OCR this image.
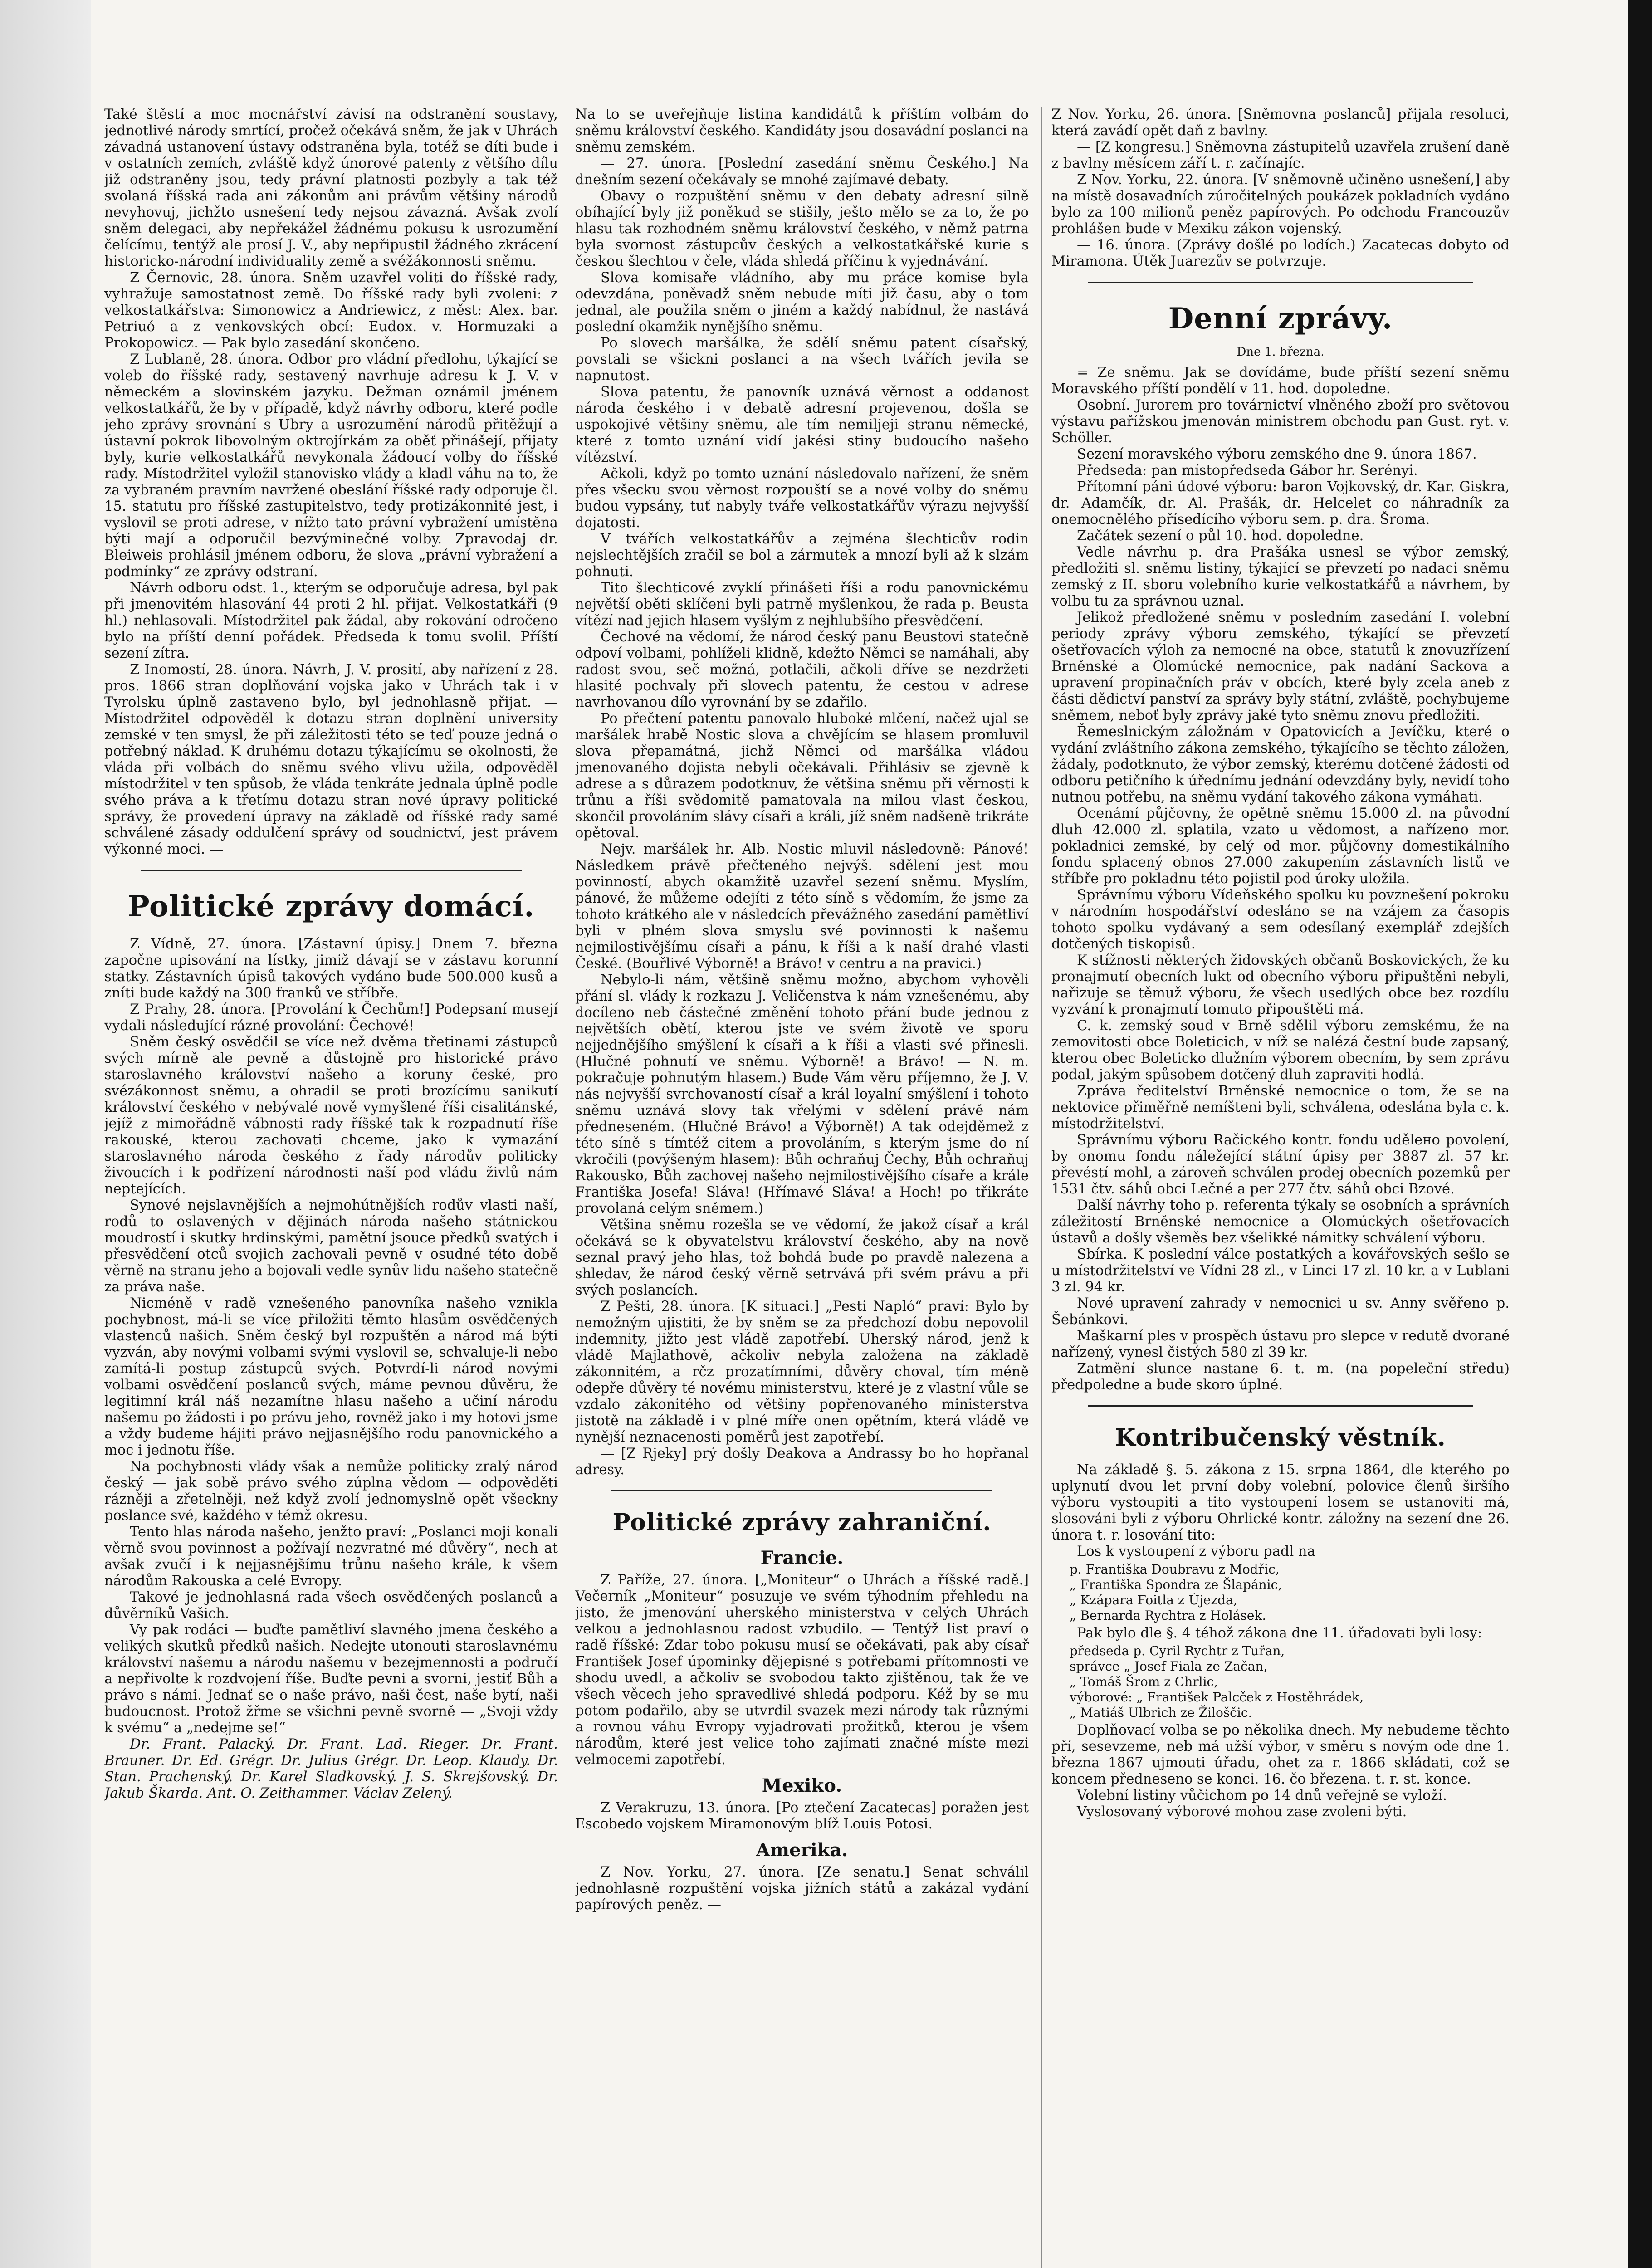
Také štěstí a moc mocnářství závisí na odstranění soustavy, jednotlivé národy smrtící, pročež očekává sněm, že jak v Uhrách závadná ustanovení ústavy odstraněna byla, totéž se díti bude i v ostatních zemích, zvláště když únorové patenty z většího dílu již odstraněny jsou, tedy právní platnosti pozbyly a tak též svolaná říšská rada ani zákonům ani právům většiny národů nevyhovuj, jichžto usnešení tedy nejsou závazná. Avšak zvolí sněm delegaci, aby nepřekážel žádnému pokusu k usrozumění čelícímu, tentýž ale prosí J. V., aby nepřipustil žádného zkrácení historicko-národní individuality země a svéžákonnosti sněmu.

Z Černovic, 28. února. Sněm uzavřel voliti do říšské rady, vyhražuje samostatnost země. Do říšské rady byli zvoleni: z velkostatkářstva: Simonowicz a Andriewicz, z měst: Alex. bar. Petriuó a z venkovských obcí: Eudox. v. Hormuzaki a Prokopowicz. — Pak bylo zasedání skončeno.

Z Lublaně, 28. února. Odbor pro vládní předlohu, týkající se voleb do říšské rady, sestavený navrhuje adresu k J. V. v německém a slovinském jazyku. Dežman oznámil jménem velkostatkářů, že by v případě, když návrhy odboru, které podle jeho zprávy srovnání s Ubry a usrozumění národů přitěžují a ústavní pokrok libovolným oktrojírkám za oběť přinášejí, přijaty byly, kurie velkostatkářů nevykonala žádoucí volby do říšské rady. Místodržitel vyložil stanovisko vlády a kladl váhu na to, že za vybraném pravním navržené obeslání říšské rady odporuje čl. 15. statutu pro říšské zastupitelstvo, tedy protizákonnité jest, i vyslovil se proti adrese, v nížto tato právní vybražení umístěna býti mají a odporučil bezvýminečné volby. Zpravodaj dr. Bleiweis prohlásil jménem odboru, že slova „právní vybražení a podmínky“ ze zprávy odstraní.

Návrh odboru odst. 1., kterým se odporučuje adresa, byl pak při jmenovitém hlasování 44 proti 2 hl. přijat. Velkostatkáři (9 hl.) nehlasovali. Místodržitel pak žádal, aby rokování odročeno bylo na příští denní pořádek. Předseda k tomu svolil. Příští sezení zítra.

Z Inomostí, 28. února. Návrh, J. V. prosití, aby nařízení z 28. pros. 1866 stran doplňování vojska jako v Uhrách tak i v Tyrolsku úplně zastaveno bylo, byl jednohlasně přijat. — Místodržitel odpověděl k dotazu stran doplnění university zemské v ten smysl, že při záležitosti této se teď pouze jedná o potřebný náklad. K druhému dotazu týkajícímu se okolnosti, že vláda při volbách do sněmu svého vlivu užila, odpověděl místodržitel v ten spůsob, že vláda tenkráte jednala úplně podle svého práva a k třetímu dotazu stran nové úpravy politické správy, že provedení úpravy na základě od říšské rady samé schválené zásady oddulčení správy od soudnictví, jest právem výkonné moci. —

Politické zprávy domácí.

Z Vídně, 27. února. [Zástavní úpisy.] Dnem 7. března započne upisování na lístky, jimiž dávají se v zástavu korunní statky. Zástavních úpisů takových vydáno bude 500.000 kusů a zníti bude každý na 300 franků ve stříbře.

Z Prahy, 28. února. [Provolání k Čechům!] Podepsaní musejí vydali následující rázné provolání: Čechové!

Sněm český osvědčil se více než dvěma třetinami zástupců svých mírně ale pevně a důstojně pro historické právo staroslavného království našeho a koruny české, pro svézákonnost sněmu, a ohradil se proti brozícímu sanikutí království českého v nebývalé nově vymyšlené říši cisalitánské, jejíž z mimořádně vábnosti rady říšské tak k rozpadnutí říše rakouské, kterou zachovati chceme, jako k vymazání staroslavného národa českého z řady národův politicky živoucích i k podřízení národnosti naší pod vládu živlů nám neptejících.

Synové nejslavnějších a nejmohútnějších rodův vlasti naší, rodů to oslavených v dějinách národa našeho státnickou moudrostí i skutky hrdinskými, pamětní jsouce předků svatých i přesvědčení otců svojich zachovali pevně v osudné této době věrně na stranu jeho a bojovali vedle synův lidu našeho statečně za práva naše.

Nicméně v radě vznešeného panovníka našeho vznikla pochybnost, má-li se více přiložiti těmto hlasům osvědčených vlastenců našich. Sněm český byl rozpuštěn a národ má býti vyzván, aby novými volbami svými vyslovil se, schvaluje-li nebo zamítá-li postup zástupců svých. Potvrdí-li národ novými volbami osvědčení poslanců svých, máme pevnou důvěru, že legitimní král náš nezamítne hlasu našeho a učiní národu našemu po žádosti i po právu jeho, rovněž jako i my hotovi jsme a vždy budeme hájiti právo nejjasnějšího rodu panovnického a moc i jednotu říše.

Na pochybnosti vlády však a nemůže politicky zralý národ český — jak sobě právo svého zúplna vědom — odpověděti rázněji a zřetelněji, než když zvolí jednomyslně opět všeckny poslance své, každého v témž okresu.

Tento hlas národa našeho, jenžto praví: „Poslanci moji konali věrně svou povinnost a požívají nezvratné mé důvěry“, nech at avšak zvučí i k nejjasnějšímu trůnu našeho krále, k všem národům Rakouska a celé Evropy.

Takové je jednohlasná rada všech osvědčených poslanců a důvěrníků Vašich.

Vy pak rodáci — buďte pamětliví slavného jmena českého a velikých skutků předků našich. Nedejte utonouti staroslavnému království našemu a národu našemu v bezejmennosti a područí a nepřivolte k rozdvojení říše. Buďte pevni a svorni, jestiť Bůh a právo s námi. Jednať se o naše právo, naši čest, naše bytí, naši budoucnost. Protož žřme se všichni pevně svorně — „Svoji vždy k svému“ a „nedejme se!“

Dr. Frant. Palacký. Dr. Frant. Lad. Rieger. Dr. Frant. Brauner. Dr. Ed. Grégr. Dr. Julius Grégr. Dr. Leop. Klaudy. Dr. Stan. Prachenský. Dr. Karel Sladkovský. J. S. Skrejšovský. Dr. Jakub Škarda. Ant. O. Zeithammer. Václav Zelený.

Na to se uveřejňuje listina kandidátů k příštím volbám do sněmu království českého. Kandidáty jsou dosavádní poslanci na sněmu zemském.

— 27. února. [Poslední zasedání sněmu Českého.] Na dnešním sezení očekávaly se mnohé zajímavé debaty.

Obavy o rozpuštění sněmu v den debaty adresní silně obíhající byly již poněkud se stišily, ješto mělo se za to, že po hlasu tak rozhodném sněmu království českého, v němž patrna byla svornost zástupcův českých a velkostatkářské kurie s českou šlechtou v čele, vláda shledá příčinu k vyjednávání.

Slova komisaře vládního, aby mu práce komise byla odevzdána, poněvadž sněm nebude míti již času, aby o tom jednal, ale použila sněm o jiném a každý nabídnul, že nastává poslední okamžik nynějšího sněmu.

Po slovech maršálka, že sdělí sněmu patent císařský, povstali se všickni poslanci a na všech tvářích jevila se napnutost.

Slova patentu, že panovník uznává věrnost a oddanost národa českého i v debatě adresní projevenou, došla se uspokojivé většiny sněmu, ale tím nemiljeji stranu německé, které z tomto uznání vidí jakési stiny budoucího našeho vítězství.

Ačkoli, když po tomto uznání následovalo nařízení, že sněm přes všecku svou věrnost rozpouští se a nové volby do sněmu budou vypsány, tuť nabyly tváře velkostatkářův výrazu nejvyšší dojatosti.

V tvářích velkostatkářův a zejména šlechticův rodin nejslechtějších zračil se bol a zármutek a mnozí byli až k slzám pohnuti.

Tito šlechticové zvyklí přinášeti říši a rodu panovnickému největší oběti sklíčeni byli patrně myšlenkou, že rada p. Beusta vítězí nad jejich hlasem vyšlým z nejhlubšího přesvědčení.

Čechové na vědomí, že národ český panu Beustovi statečně odpoví volbami, pohlíželi klidně, kdežto Němci se namáhali, aby radost svou, seč možná, potlačili, ačkoli dříve se nezdržeti hlasité pochvaly při slovech patentu, že cestou v adrese navrhovanou dílo vyrovnání by se zdařilo.

Po přečtení patentu panovalo hluboké mlčení, načež ujal se maršálek hrabě Nostic slova a chvějícím se hlasem promluvil slova přepamátná, jichž Němci od maršálka vládou jmenovaného dojista nebyli očekávali. Přihlásiv se zjevně k adrese a s důrazem podotknuv, že většina sněmu při věrnosti k trůnu a říši svědomitě pamatovala na milou vlast českou, skončil provoláním slávy císaři a králi, jíž sněm nadšeně trikráte opětoval.

Nejv. maršálek hr. Alb. Nostic mluvil následovně: Pánové! Následkem právě přečteného nejvýš. sdělení jest mou povinností, abych okamžitě uzavřel sezení sněmu. Myslím, pánové, že můžeme odejíti z této síně s vědomím, že jsme za tohoto krátkého ale v následcích převážného zasedání pamětliví byli v plném slova smyslu své povinnosti k našemu nejmilostivějšímu císaři a pánu, k říši a k naší drahé vlasti České. (Bouřlivé Výborně! a Brávo! v centru a na pravici.)

Nebylo-li nám, většině sněmu možno, abychom vyhověli přání sl. vlády k rozkazu J. Veličenstva k nám vznešenému, aby docíleno neb částečné změnění tohoto přání bude jednou z největších obětí, kterou jste ve svém životě ve sporu nejjednějšího smýšlení k císaři a k říši a vlasti své přinesli. (Hlučné pohnutí ve sněmu. Výborně! a Brávo! — N. m. pokračuje pohnutým hlasem.) Bude Vám věru příjemno, že J. V. nás nejvyšší svrchovaností císař a král loyalní smýšlení i tohoto sněmu uznává slovy tak vřelými v sdělení právě nám předneseném. (Hlučné Brávo! a Výborně!) A tak odejděmež z této síně s tímtéž citem a provoláním, s kterým jsme do ní vkročili (povýšeným hlasem): Bůh ochraňuj Čechy, Bůh ochraňuj Rakousko, Bůh zachovej našeho nejmilostivějšího císaře a krále Františka Josefa! Sláva! (Hřímavé Sláva! a Hoch! po třikráte provolaná celým sněmem.)

Většina sněmu rozešla se ve vědomí, že jakož císař a král očekává se k obyvatelstvu království českého, aby na nově seznal pravý jeho hlas, tož bohdá bude po pravdě nalezena a shledav, že národ český věrně setrvává při svém právu a při svých poslancích.

Z Pešti, 28. února. [K situaci.] „Pesti Napló“ praví: Bylo by nemožným ujistiti, že by sněm se za předchozí dobu nepovolil indemnity, jižto jest vládě zapotřebí. Uherský národ, jenž k vládě Majlathově, ačkoliv nebyla založena na základě zákonnitém, a rčz prozatímními, důvěry choval, tím méně odepře důvěry té novému ministerstvu, které je z vlastní vůle se vzdalo zákonitého od většiny popřenovaného ministerstva jistotě na základě i v plné míře onen opětním, která vládě ve nynější neznacenosti poměrů jest zapotřebí.

— [Z Rjeky] prý došly Deakova a Andrassy bo ho hopřanal adresy.

Politické zprávy zahraniční.
Francie.

Z Paříže, 27. února. [„Moniteur“ o Uhrách a říšské radě.] Večerník „Moniteur“ posuzuje ve svém týhodním přehledu na jisto, že jmenování uherského ministerstva v celých Uhrách velkou a jednohlasnou radost vzbudilo. — Tentýž list praví o radě říšské: Zdar tobo pokusu musí se očekávati, pak aby císař František Josef úpominky dějepisné s potřebami přítomnosti ve shodu uvedl, a ačkoliv se svobodou takto zjištěnou, tak že ve všech věcech jeho spravedlivé shledá podporu. Kéž by se mu potom podařilo, aby se utvrdil svazek mezi národy tak různými a rovnou váhu Evropy vyjadrovati prožitků, kterou je všem národům, které jest velice toho zajímati značné míste mezi velmocemi zapotřebí.

Mexiko.

Z Verakruzu, 13. února. [Po ztečení Zacatecas] poražen jest Escobedo vojskem Miramonovým blíž Louis Potosi.

Amerika.

Z Nov. Yorku, 27. února. [Ze senatu.] Senat schválil jednohlasně rozpuštění vojska jižních států a zakázal vydání papírových peněz. —

Z Nov. Yorku, 26. února. [Sněmovna poslanců] přijala resoluci, která zavádí opět daň z bavlny.

— [Z kongresu.] Sněmovna zástupitelů uzavřela zrušení daně z bavlny měsícem září t. r. začínajíc.

Z Nov. Yorku, 22. února. [V sněmovně učiněno usnešení,] aby na místě dosavadních zúročitelných poukázek pokladních vydáno bylo za 100 milionů peněz papírových. Po odchodu Francouzův prohlášen bude v Mexiku zákon vojenský.

— 16. února. (Zprávy došlé po lodích.) Zacatecas dobyto od Miramona. Útěk Juarezův se potvrzuje.

Denní zprávy.
Dne 1. března.

= Ze sněmu. Jak se dovídáme, bude příští sezení sněmu Moravského příští pondělí v 11. hod. dopoledne.

Osobní. Jurorem pro továrnictví vlněného zboží pro světovou výstavu pařížskou jmenován ministrem obchodu pan Gust. ryt. v. Schöller.

Sezení moravského výboru zemského dne 9. února 1867.

Předseda: pan místopředseda Gábor hr. Serényi.

Přítomní páni údové výboru: baron Vojkovský, dr. Kar. Giskra, dr. Adamčík, dr. Al. Prašák, dr. Helcelet co náhradník za onemocnělého přísedícího výboru sem. p. dra. Šroma.

Začátek sezení o půl 10. hod. dopoledne.

Vedle návrhu p. dra Prašáka usnesl se výbor zemský, předložiti sl. sněmu listiny, týkající se převzetí po nadaci sněmu zemský z II. sboru volebního kurie velkostatkářů a návrhem, by volbu tu za správnou uznal.

Jelikož předložené sněmu v posledním zasedání I. volební periody zprávy výboru zemského, týkající se převzetí ošetřovacích výloh za nemocné na obce, statutů k znovuzřízení Brněnské a Olomúcké nemocnice, pak nadání Sackova a upravení propinačních práv v obcích, které byly zcela aneb z části dědictví panství za správy byly státní, zvláště, pochybujeme sněmem, neboť byly zprávy jaké tyto sněmu znovu předložiti.

Řemeslnickým záložnám v Opatovicích a Jevíčku, které o vydání zvláštního zákona zemského, týkajícího se těchto záložen, žádaly, podotknuto, že výbor zemský, kterému dotčené žádosti od odboru petičního k úřednímu jednání odevzdány byly, nevidí toho nutnou potřebu, na sněmu vydání takového zákona vymáhati.

Ocenámí půjčovny, že opětně sněmu 15.000 zl. na původní dluh 42.000 zl. splatila, vzato u vědomost, a nařízeno mor. pokladnici zemské, by celý od mor. půjčovny domestikálního fondu splacený obnos 27.000 zakupením zástavních listů ve stříbře pro pokladnu této pojistil pod úroky uložila.

Správnímu výboru Vídeňského spolku ku povznešení pokroku v národním hospodářství odesláno se na vzájem za časopis tohoto spolku vydávaný a sem odesílaný exemplář zdejších dotčených tiskopisů.

K stížnosti některých židovských občanů Boskovických, že ku pronajmutí obecních lukt od obecního výboru připuštěni nebyli, nařizuje se těmuž výboru, že všech usedlých obce bez rozdílu vyzvání k pronajmutí tomuto připouštěti má.

C. k. zemský soud v Brně sdělil výboru zemskému, že na zemovitosti obce Boleticich, v níž se nalézá čestní bude zapsaný, kterou obec Boleticko dlužním výborem obecním, by sem zprávu podal, jakým spůsobem dotčený dluh zapraviti hodlá.

Zpráva ředitelství Brněnské nemocnice o tom, že se na nektovice přiměřně nemíšteni byli, schválena, odeslána byla c. k. místodržitelství.

Správnímu výboru Račického kontr. fondu udělено povolení, by onomu fondu náležející státní úpisy per 3887 zl. 57 kr. převéstí mohl, a zároveň schválen prodej obecních pozemků per 1531 čtv. sáhů obci Lečné a per 277 čtv. sáhů obci Bzové.

Další návrhy toho p. referenta týkaly se osobních a správních záležitostí Brněnské nemocnice a Olomúckých ošetřovacích ústavů a došly všeměs bez všelikké námitky schválení výboru.

Sbírka. K poslední válce postatkých a kovářovských sešlo se u místodržitelství ve Vídni 28 zl., v Linci 17 zl. 10 kr. a v Lublani 3 zl. 94 kr.

Nové upravení zahrady v nemocnici u sv. Anny svěřeno p. Šebánkovi.

Maškarní ples v prospěch ústavu pro slepce v redutě dvorané nařízený, vynesl čistých 580 zl 39 kr.

Zatmění slunce nastane 6. t. m. (na popeleční středu) předpoledne a bude skoro úplné.

Kontribučenský věstník.

Na základě §. 5. zákona z 15. srpna 1864, dle kterého po uplynutí dvou let první doby volební, polovice členů širšího výboru vystoupiti a tito vystoupení losem se ustanoviti má, slosováni byli z výboru Ohrlické kontr. záložny na sezení dne 26. února t. r. losování tito:

Los k vystoupení z výboru padl na

p. Františka Doubravu z Modřic,
„ Františka Spondra ze Šlapánic,
„ Kzápara Foitla z Újezda,
„ Bernarda Rychtra z Holásek.

Pak bylo dle §. 4 téhož zákona dne 11. úřadovati byli losy:

předseda p. Cyril Rychtr z Tuřan,
správce „ Josef Fiala ze Začan,
„ Tomáš Šrom z Chrlic,
výborové: „ František Palcček z Hostěhrádek,
„ Matiáš Ulbrich ze Žiloščic.

Doplňovací volba se po několika dnech. My nebudeme těchto pří, sesevzeme, neb má užší výbor, v směru s novým ode dne 1. března 1867 ujmouti úřadu, ohet za r. 1866 skládati, což se koncem předneseno se konci. 16. čo březena. t. r. st. konce.

Volební listiny vůčichom po 14 dnů veřejně se vyloží.

Vyslosovaný výborové mohou zase zvoleni býti.
